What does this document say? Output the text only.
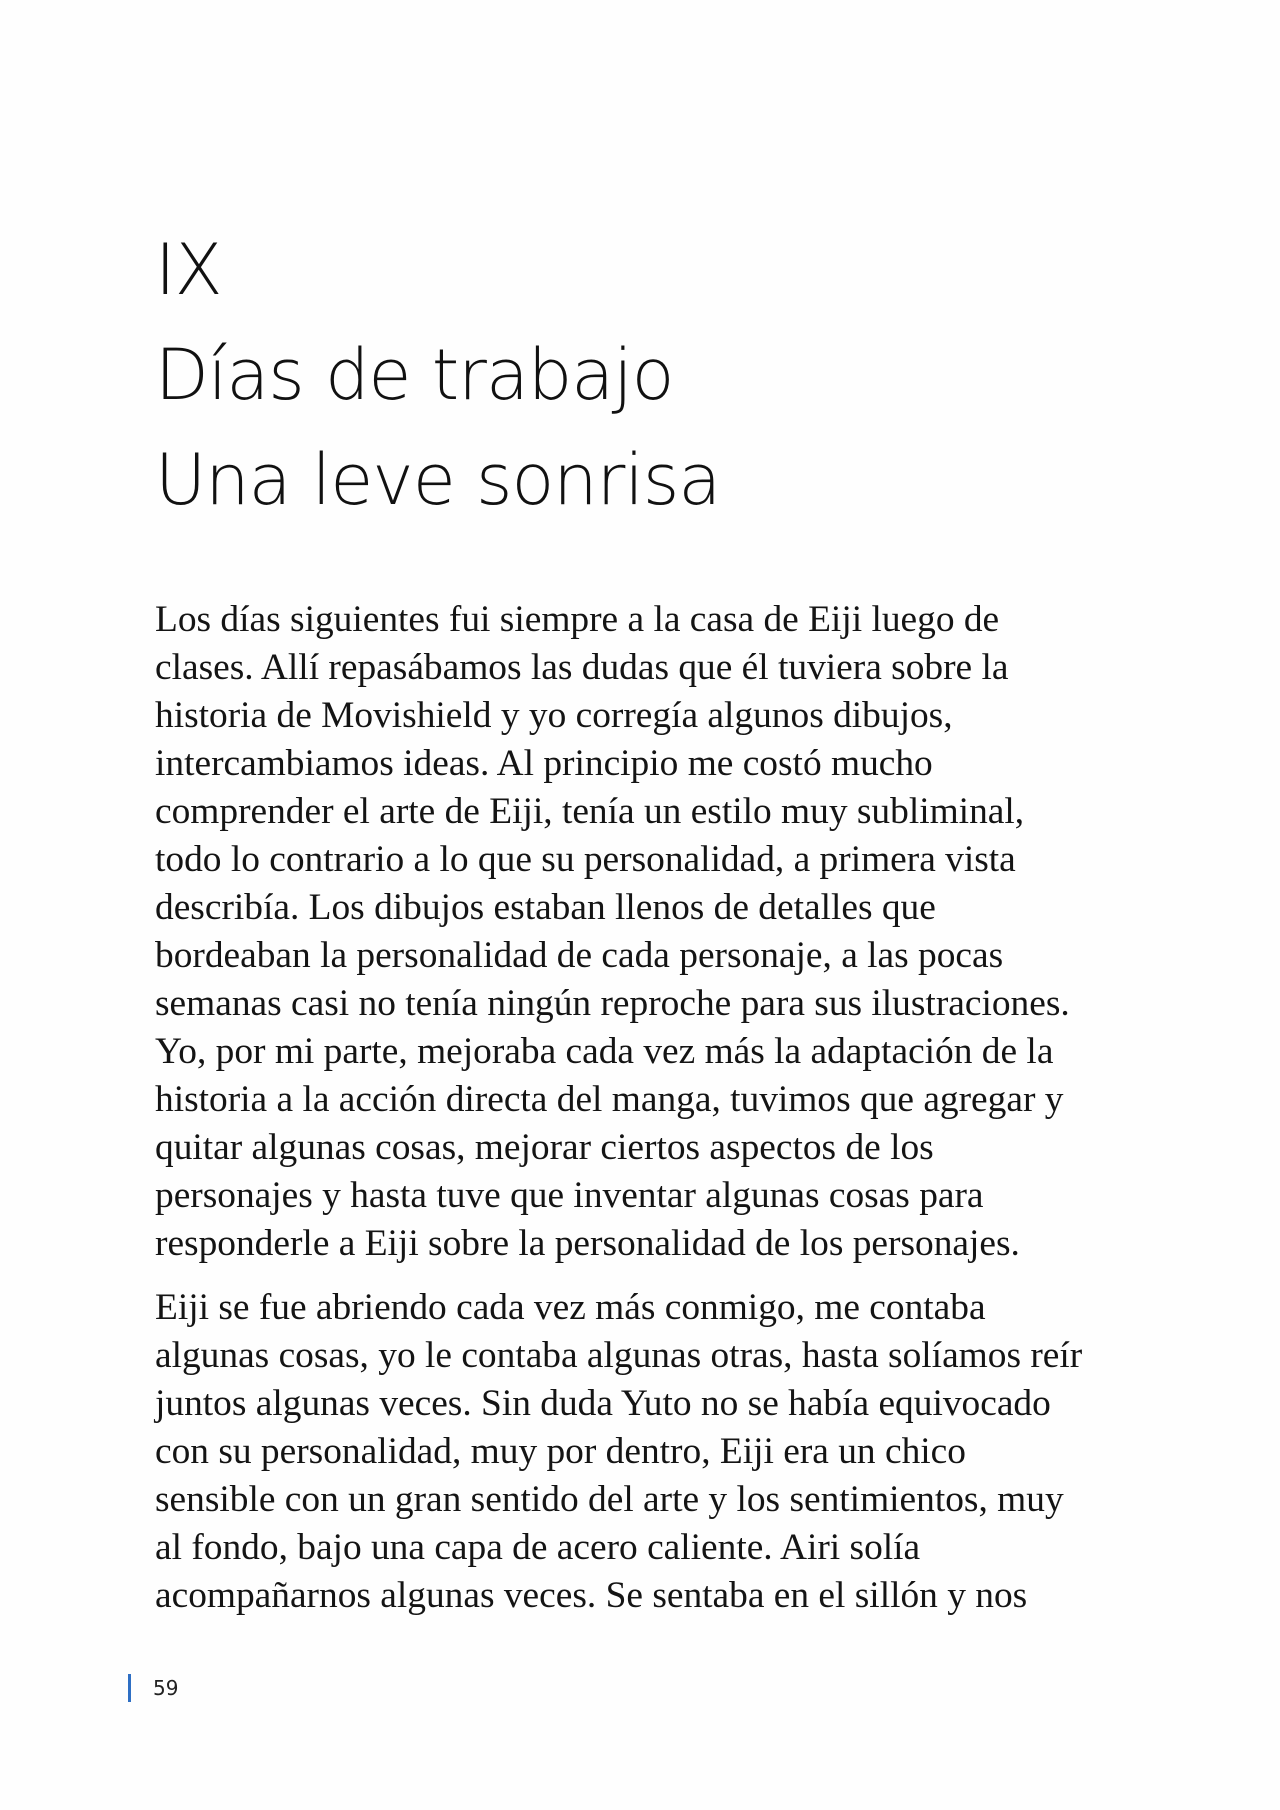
IX
Días de trabajo
Una leve sonrisa
Los días siguientes fui siempre a la casa de Eiji luego de
clases. Allí repasábamos las dudas que él tuviera sobre la
historia de Movishield y yo corregía algunos dibujos,
intercambiamos ideas. Al principio me costó mucho
comprender el arte de Eiji, tenía un estilo muy subliminal,
todo lo contrario a lo que su personalidad, a primera vista
describía. Los dibujos estaban llenos de detalles que
bordeaban la personalidad de cada personaje, a las pocas
semanas casi no tenía ningún reproche para sus ilustraciones.
Yo, por mi parte, mejoraba cada vez más la adaptación de la
historia a la acción directa del manga, tuvimos que agregar y
quitar algunas cosas, mejorar ciertos aspectos de los
personajes y hasta tuve que inventar algunas cosas para
responderle a Eiji sobre la personalidad de los personajes.
Eiji se fue abriendo cada vez más conmigo, me contaba
algunas cosas, yo le contaba algunas otras, hasta solíamos reír
juntos algunas veces. Sin duda Yuto no se había equivocado
con su personalidad, muy por dentro, Eiji era un chico
sensible con un gran sentido del arte y los sentimientos, muy
al fondo, bajo una capa de acero caliente. Airi solía
acompañarnos algunas veces. Se sentaba en el sillón y nos
59
